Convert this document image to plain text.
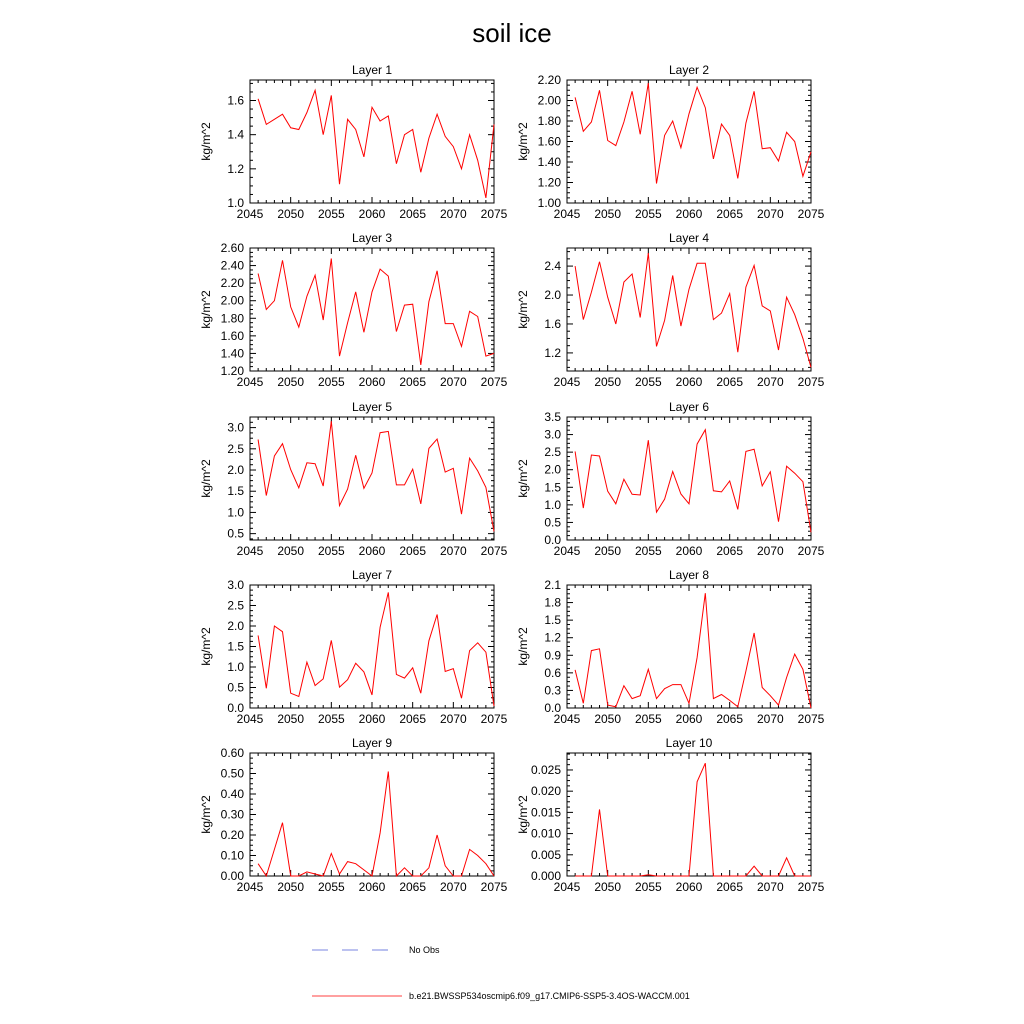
soil ice
Layer 1
kg/m^2
2045 2050 2055 2060 2065 2070 2075
1.0
1.2
1.4
1.6
Layer 2
kg/m^2
2045 2050 2055 2060 2065 2070 2075
1.00
1.20
1.40
1.60
1.80
2.00
2.20
Layer 3
kg/m^2
2045 2050 2055 2060 2065 2070 2075
1.20
1.40
1.60
1.80
2.00
2.20
2.40
2.60
Layer 4
kg/m^2
2045 2050 2055 2060 2065 2070 2075
1.2
1.6
2.0
2.4
Layer 5
kg/m^2
2045 2050 2055 2060 2065 2070 2075
0.5
1.0
1.5
2.0
2.5
3.0
Layer 6
kg/m^2
2045 2050 2055 2060 2065 2070 2075
0.0
0.5
1.0
1.5
2.0
2.5
3.0
3.5
Layer 7
kg/m^2
2045 2050 2055 2060 2065 2070 2075
0.0
0.5
1.0
1.5
2.0
2.5
3.0
Layer 8
kg/m^2
2045 2050 2055 2060 2065 2070 2075
0.0
0.3
0.6
0.9
1.2
1.5
1.8
2.1
Layer 9
kg/m^2
2045 2050 2055 2060 2065 2070 2075
0.00
0.10
0.20
0.30
0.40
0.50
0.60
Layer 10
kg/m^2
2045 2050 2055 2060 2065 2070 2075
0.000
0.005
0.010
0.015
0.020
0.025
No Obs
b.e21.BWSSP534oscmip6.f09_g17.CMIP6-SSP5-3.4OS-WACCM.001
